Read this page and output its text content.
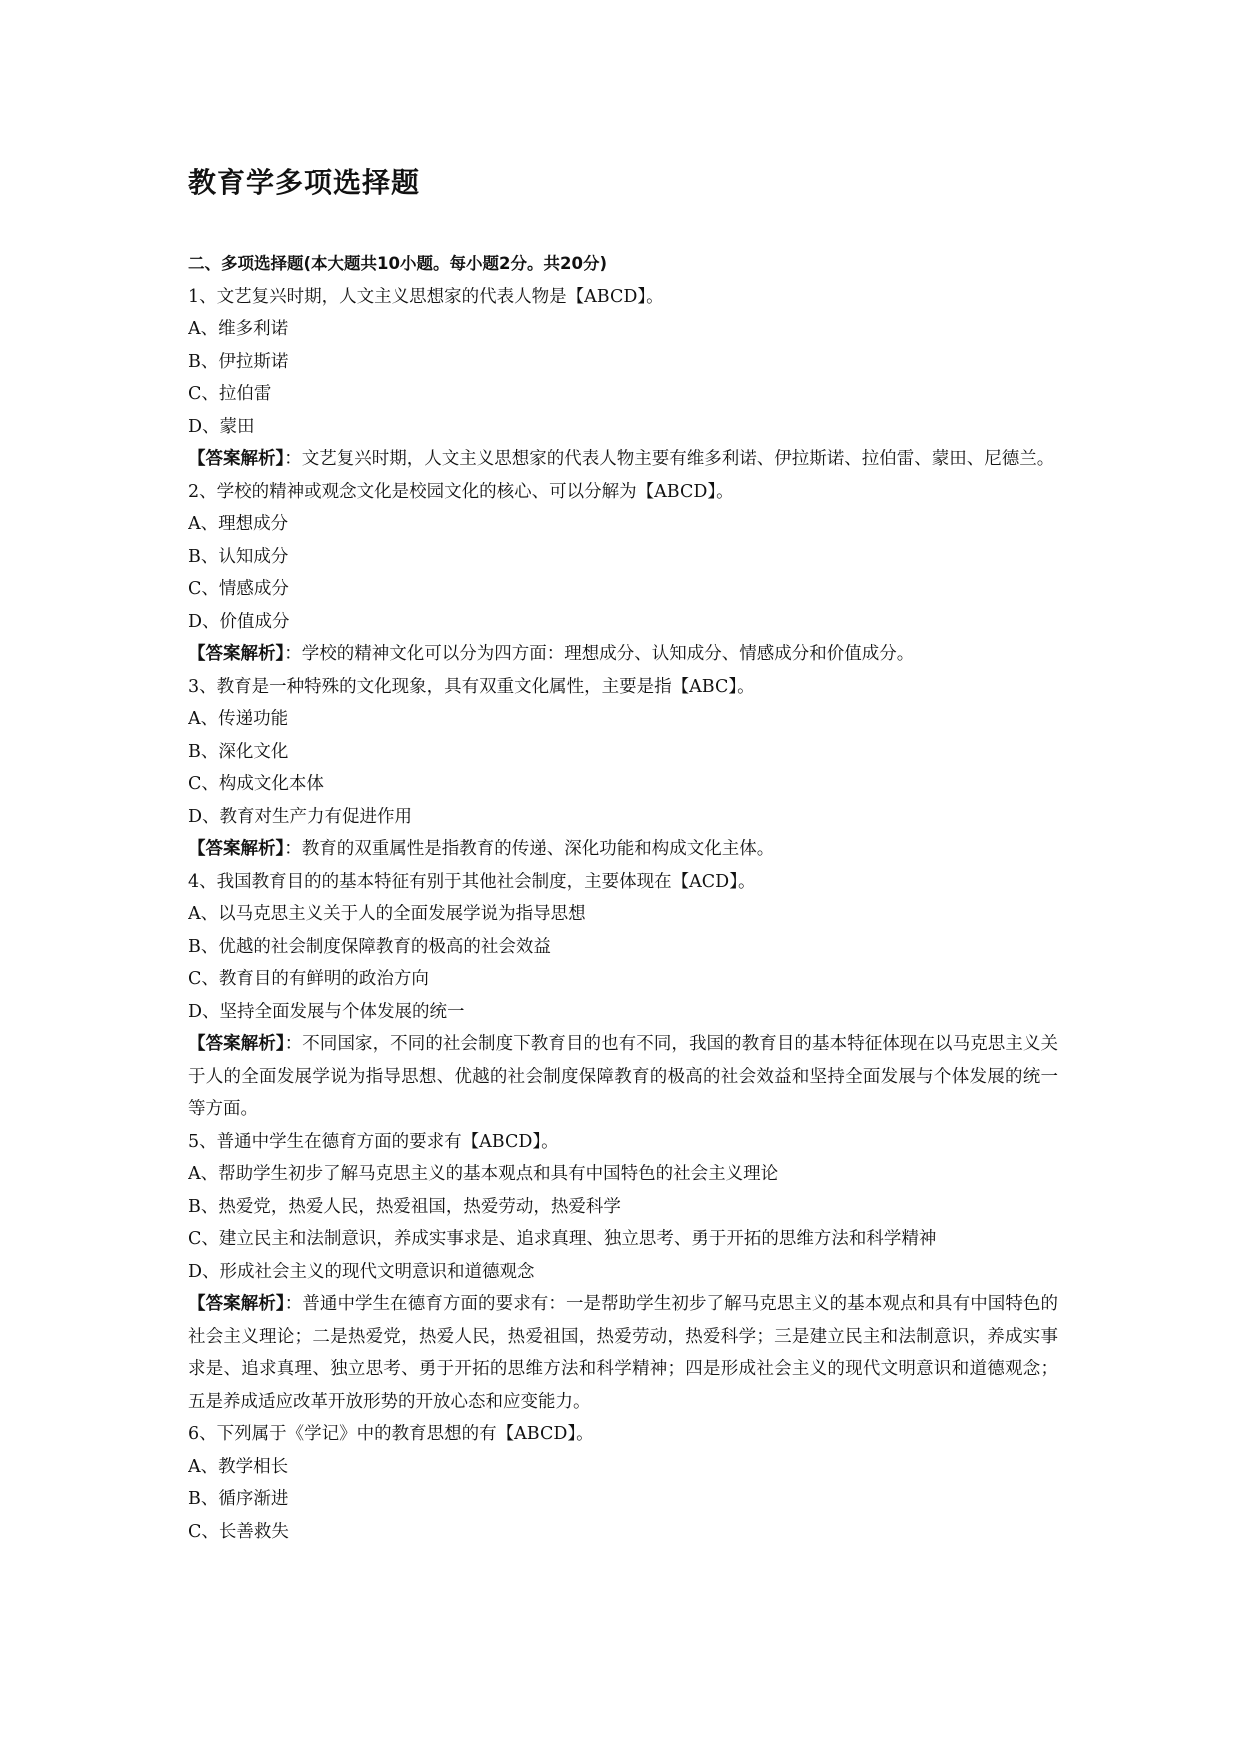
教育学多项选择题
二、多项选择题(本大题共10小题。每小题2分。共20分)
1、文艺复兴时期，人文主义思想家的代表人物是【ABCD】。
A、维多利诺
B、伊拉斯诺
C、拉伯雷
D、蒙田
【答案解析】：文艺复兴时期，人文主义思想家的代表人物主要有维多利诺、伊拉斯诺、拉伯雷、蒙田、尼德兰。
2、学校的精神或观念文化是校园文化的核心、可以分解为【ABCD】。
A、理想成分
B、认知成分
C、情感成分
D、价值成分
【答案解析】：学校的精神文化可以分为四方面：理想成分、认知成分、情感成分和价值成分。
3、教育是一种特殊的文化现象，具有双重文化属性，主要是指【ABC】。
A、传递功能
B、深化文化
C、构成文化本体
D、教育对生产力有促进作用
【答案解析】：教育的双重属性是指教育的传递、深化功能和构成文化主体。
4、我国教育目的的基本特征有别于其他社会制度，主要体现在【ACD】。
A、以马克思主义关于人的全面发展学说为指导思想
B、优越的社会制度保障教育的极高的社会效益
C、教育目的有鲜明的政治方向
D、坚持全面发展与个体发展的统一
【答案解析】：不同国家，不同的社会制度下教育目的也有不同，我国的教育目的基本特征体现在以马克思主义关于人的全面发展学说为指导思想、优越的社会制度保障教育的极高的社会效益和坚持全面发展与个体发展的统一等方面。
5、普通中学生在德育方面的要求有【ABCD】。
A、帮助学生初步了解马克思主义的基本观点和具有中国特色的社会主义理论
B、热爱党，热爱人民，热爱祖国，热爱劳动，热爱科学
C、建立民主和法制意识，养成实事求是、追求真理、独立思考、勇于开拓的思维方法和科学精神
D、形成社会主义的现代文明意识和道德观念
【答案解析】：普通中学生在德育方面的要求有：一是帮助学生初步了解马克思主义的基本观点和具有中国特色的社会主义理论；二是热爱党，热爱人民，热爱祖国，热爱劳动，热爱科学；三是建立民主和法制意识，养成实事求是、追求真理、独立思考、勇于开拓的思维方法和科学精神；四是形成社会主义的现代文明意识和道德观念；五是养成适应改革开放形势的开放心态和应变能力。
6、下列属于《学记》中的教育思想的有【ABCD】。
A、教学相长
B、循序渐进
C、长善救失
